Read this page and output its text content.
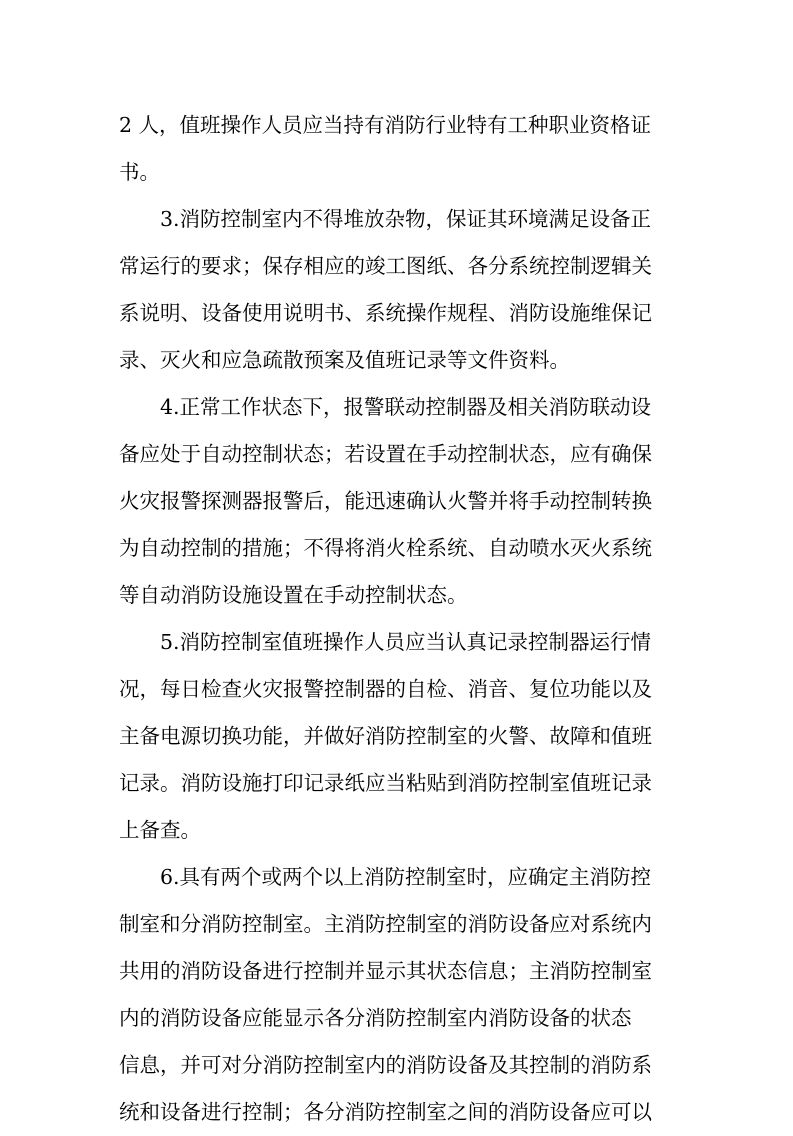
2 人，值班操作人员应当持有消防行业特有工种职业资格证
书。
3.消防控制室内不得堆放杂物，保证其环境满足设备正
常运行的要求；保存相应的竣工图纸、各分系统控制逻辑关
系说明、设备使用说明书、系统操作规程、消防设施维保记
录、灭火和应急疏散预案及值班记录等文件资料。
4.正常工作状态下，报警联动控制器及相关消防联动设
备应处于自动控制状态；若设置在手动控制状态，应有确保
火灾报警探测器报警后，能迅速确认火警并将手动控制转换
为自动控制的措施；不得将消火栓系统、自动喷水灭火系统
等自动消防设施设置在手动控制状态。
5.消防控制室值班操作人员应当认真记录控制器运行情
况，每日检查火灾报警控制器的自检、消音、复位功能以及
主备电源切换功能，并做好消防控制室的火警、故障和值班
记录。消防设施打印记录纸应当粘贴到消防控制室值班记录
上备查。
6.具有两个或两个以上消防控制室时，应确定主消防控
制室和分消防控制室。主消防控制室的消防设备应对系统内
共用的消防设备进行控制并显示其状态信息；主消防控制室
内的消防设备应能显示各分消防控制室内消防设备的状态
信息，并可对分消防控制室内的消防设备及其控制的消防系
统和设备进行控制；各分消防控制室之间的消防设备应可以
